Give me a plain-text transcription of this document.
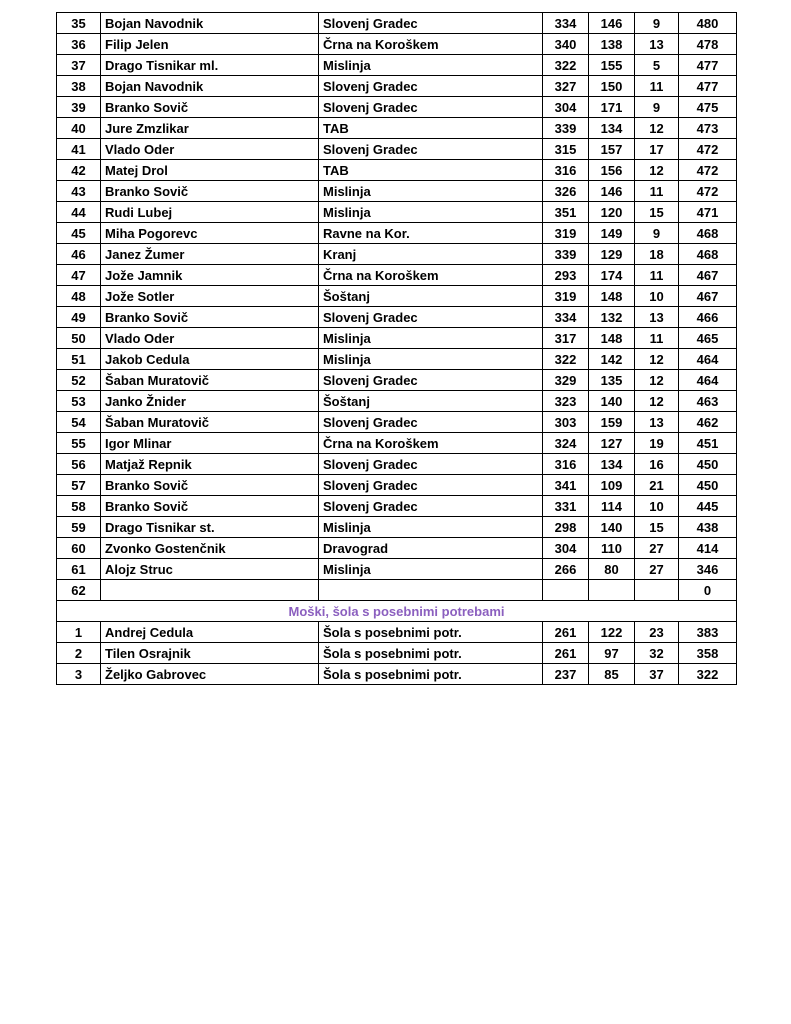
35	Bojan Navodnik	Slovenj Gradec	334	146	9	480
36	Filip Jelen	Črna na Koroškem	340	138	13	478
37	Drago Tisnikar ml.	Mislinja	322	155	5	477
38	Bojan Navodnik	Slovenj Gradec	327	150	11	477
39	Branko Sovič	Slovenj Gradec	304	171	9	475
40	Jure Zmzlikar	TAB	339	134	12	473
41	Vlado Oder	Slovenj Gradec	315	157	17	472
42	Matej Drol	TAB	316	156	12	472
43	Branko Sovič	Mislinja	326	146	11	472
44	Rudi Lubej	Mislinja	351	120	15	471
45	Miha Pogorevc	Ravne na Kor.	319	149	9	468
46	Janez Žumer	Kranj	339	129	18	468
47	Jože Jamnik	Črna na Koroškem	293	174	11	467
48	Jože Sotler	Šoštanj	319	148	10	467
49	Branko Sovič	Slovenj Gradec	334	132	13	466
50	Vlado Oder	Mislinja	317	148	11	465
51	Jakob Cedula	Mislinja	322	142	12	464
52	Šaban Muratovič	Slovenj Gradec	329	135	12	464
53	Janko Žnider	Šoštanj	323	140	12	463
54	Šaban Muratovič	Slovenj Gradec	303	159	13	462
55	Igor Mlinar	Črna na Koroškem	324	127	19	451
56	Matjaž Repnik	Slovenj Gradec	316	134	16	450
57	Branko Sovič	Slovenj Gradec	341	109	21	450
58	Branko Sovič	Slovenj Gradec	331	114	10	445
59	Drago Tisnikar st.	Mislinja	298	140	15	438
60	Zvonko Gostenčnik	Dravograd	304	110	27	414
61	Alojz Struc	Mislinja	266	80	27	346
62						0
Moški, šola s posebnimi potrebami						
1	Andrej Cedula	Šola s posebnimi potr.	261	122	23	383
2	Tilen Osrajnik	Šola s posebnimi potr.	261	97	32	358
3	Željko Gabrovec	Šola s posebnimi potr.	237	85	37	322
